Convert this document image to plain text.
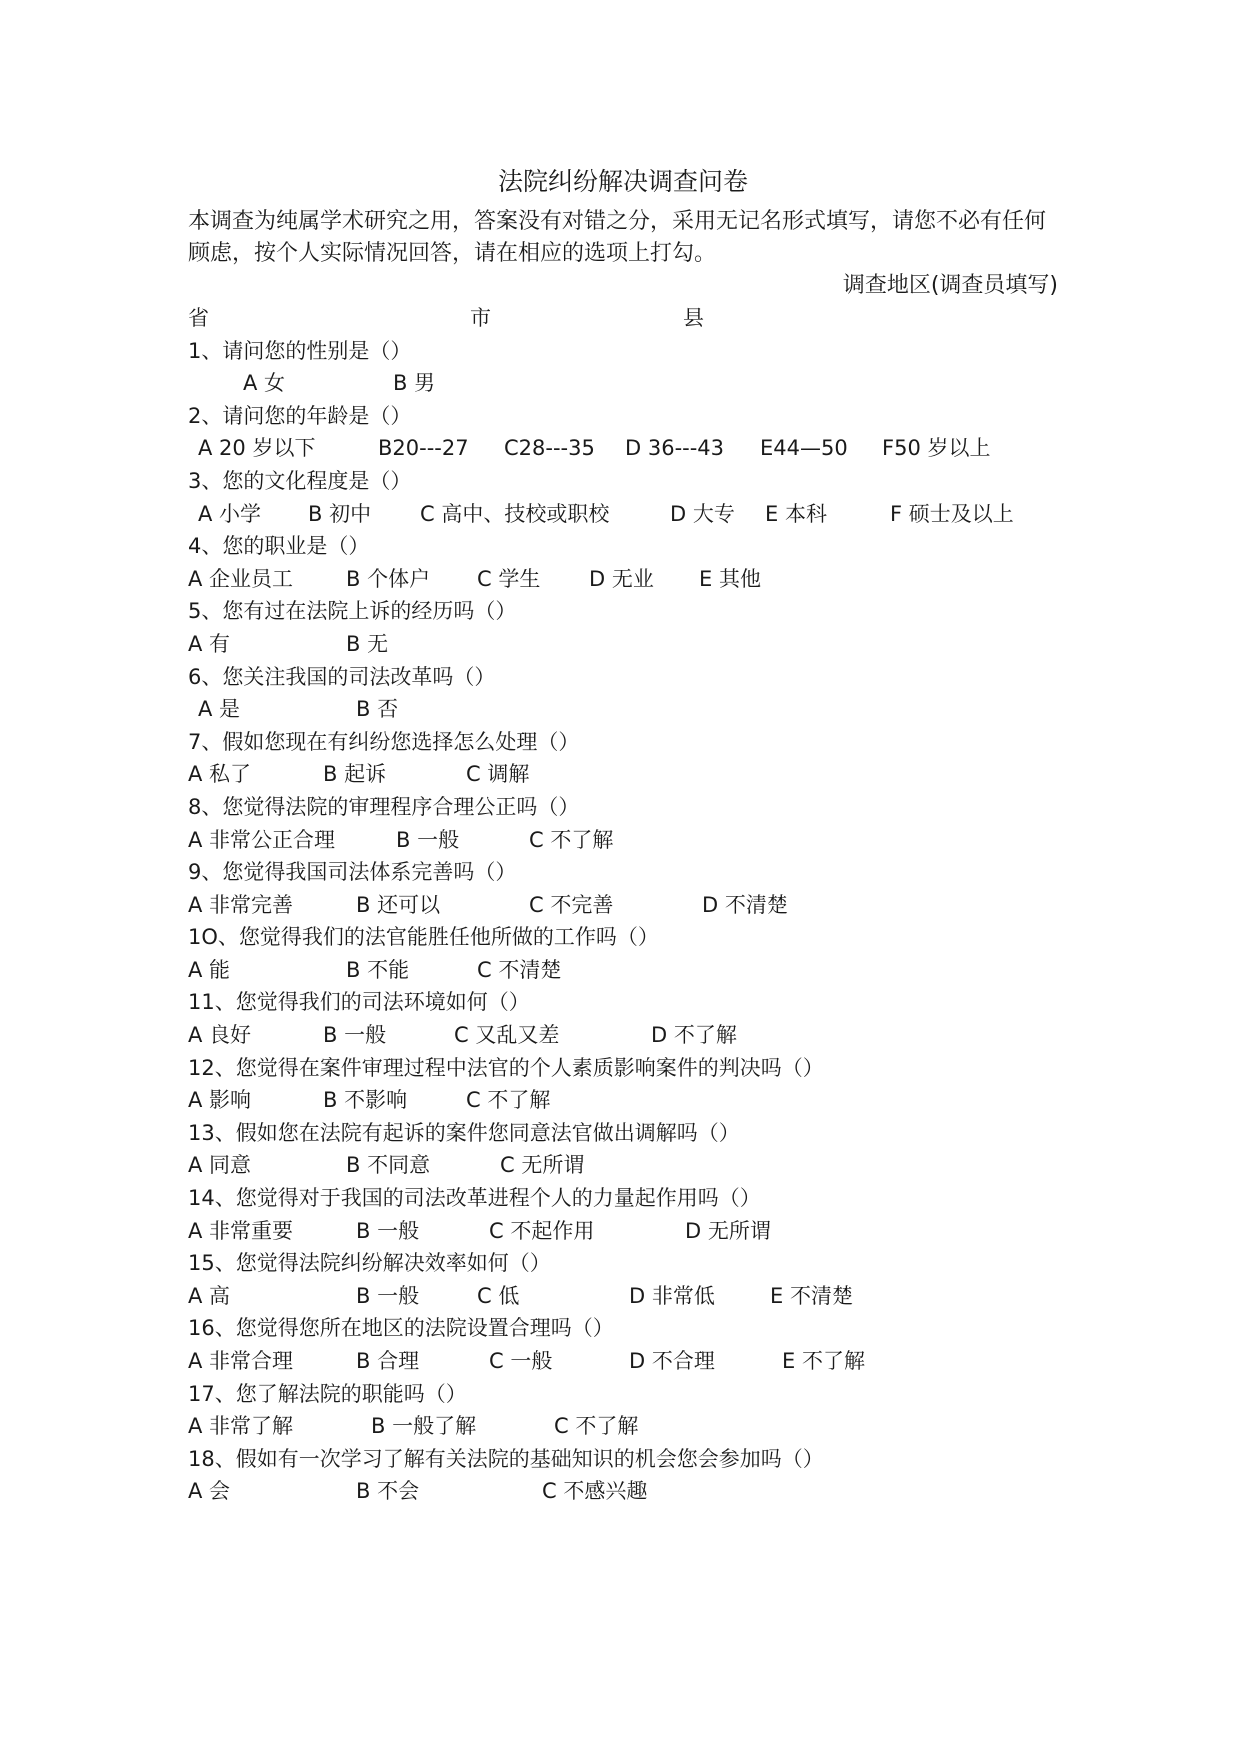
法院纠纷解决调查问卷

本调查为纯属学术研究之用，答案没有对错之分，采用无记名形式填写，请您不必有任何顾虑，按个人实际情况回答，请在相应的选项上打勾。

调查地区(调查员填写)
省	市	县
1、请问您的性别是（）
A 女	B 男
2、请问您的年龄是（）
A 20 岁以下	B20---27 C28---35 D 36---43 E44—50 F50 岁以上
3、您的文化程度是（）
A 小学 B 初中 C 高中、技校或职校	D 大专 E 本科	F 硕士及以上
4、您的职业是（）
A 企业员工	B 个体户 C 学生 D 无业 E 其他
5、您有过在法院上诉的经历吗（）
A 有	B 无
6、您关注我国的司法改革吗（）
A 是	B 否
7、假如您现在有纠纷您选择怎么处理（）
A 私了	B 起诉	C 调解
8、您觉得法院的审理程序合理公正吗（）
A 非常公正合理	B 一般	C 不了解
9、您觉得我国司法体系完善吗（）
A 非常完善	B 还可以	C 不完善	D 不清楚
1O、您觉得我们的法官能胜任他所做的工作吗（）
A 能	B 不能	C 不清楚
11、您觉得我们的司法环境如何（）
A 良好	B 一般	C 又乱又差	D 不了解
12、您觉得在案件审理过程中法官的个人素质影响案件的判决吗（）
A 影响	B 不影响	C 不了解
13、假如您在法院有起诉的案件您同意法官做出调解吗（）
A 同意	B 不同意	C 无所谓
14、您觉得对于我国的司法改革进程个人的力量起作用吗（）
A 非常重要	B 一般	C 不起作用	D 无所谓
15、您觉得法院纠纷解决效率如何（）
A 高	B 一般	C 低	D 非常低	E 不清楚
16、您觉得您所在地区的法院设置合理吗（）
A 非常合理	B 合理	C 一般	D 不合理	E 不了解
17、您了解法院的职能吗（）
A 非常了解	B 一般了解	C 不了解
18、假如有一次学习了解有关法院的基础知识的机会您会参加吗（）
A 会	B 不会	C 不感兴趣
